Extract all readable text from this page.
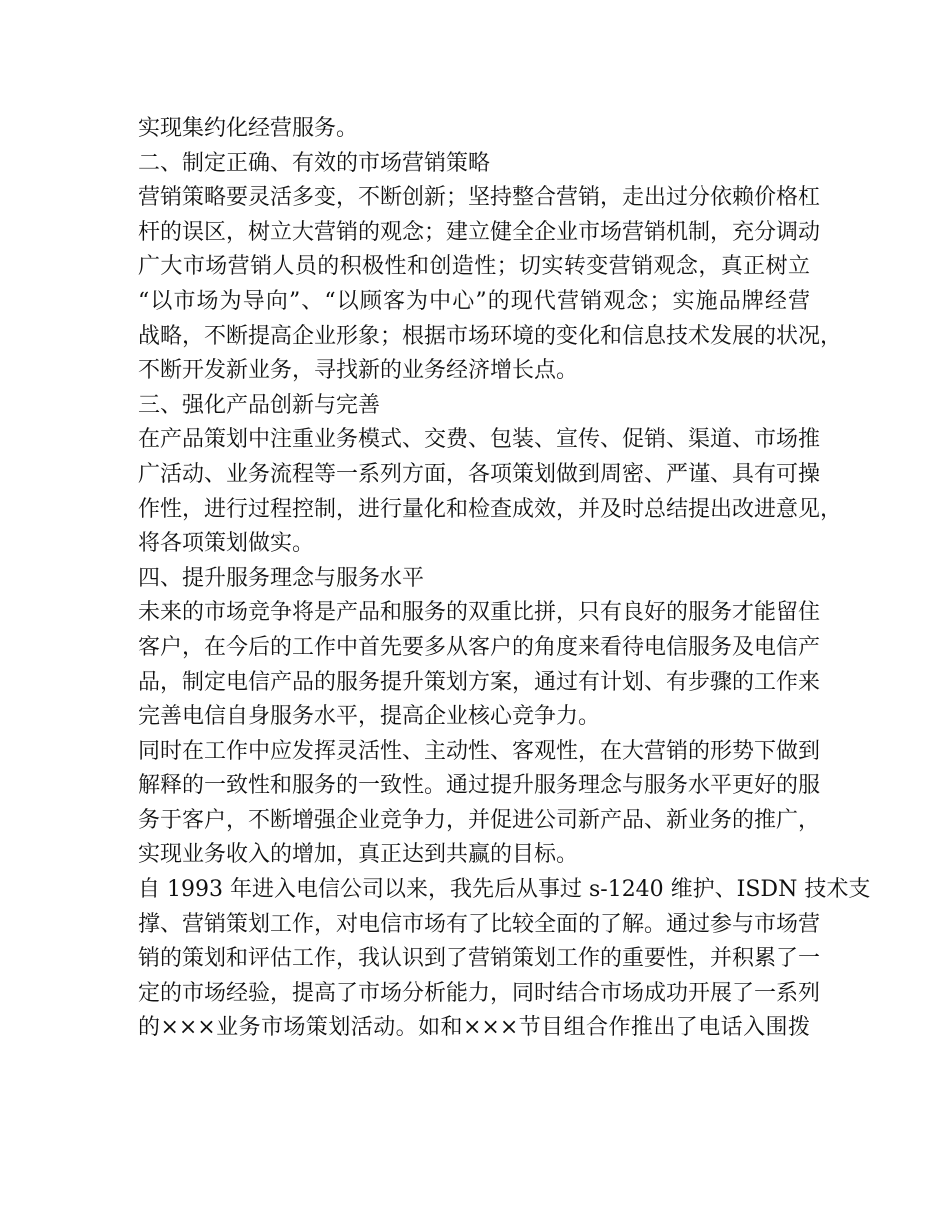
实现集约化经营服务。
二、制定正确、有效的市场营销策略
营销策略要灵活多变，不断创新；坚持整合营销，走出过分依赖价格杠
杆的误区，树立大营销的观念；建立健全企业市场营销机制，充分调动
广大市场营销人员的积极性和创造性；切实转变营销观念，真正树立
“以市场为导向”、“以顾客为中心”的现代营销观念；实施品牌经营
战略，不断提高企业形象；根据市场环境的变化和信息技术发展的状况，
不断开发新业务，寻找新的业务经济增长点。
三、强化产品创新与完善
在产品策划中注重业务模式、交费、包装、宣传、促销、渠道、市场推
广活动、业务流程等一系列方面，各项策划做到周密、严谨、具有可操
作性，进行过程控制，进行量化和检查成效，并及时总结提出改进意见，
将各项策划做实。
四、提升服务理念与服务水平
未来的市场竞争将是产品和服务的双重比拼，只有良好的服务才能留住
客户，在今后的工作中首先要多从客户的角度来看待电信服务及电信产
品，制定电信产品的服务提升策划方案，通过有计划、有步骤的工作来
完善电信自身服务水平，提高企业核心竞争力。
同时在工作中应发挥灵活性、主动性、客观性，在大营销的形势下做到
解释的一致性和服务的一致性。通过提升服务理念与服务水平更好的服
务于客户，不断增强企业竞争力，并促进公司新产品、新业务的推广，
实现业务收入的增加，真正达到共赢的目标。
自 1993 年进入电信公司以来，我先后从事过 s-1240 维护、ISDN 技术支
撑、营销策划工作，对电信市场有了比较全面的了解。通过参与市场营
销的策划和评估工作，我认识到了营销策划工作的重要性，并积累了一
定的市场经验，提高了市场分析能力，同时结合市场成功开展了一系列
的×××业务市场策划活动。如和×××节目组合作推出了电话入围拨
